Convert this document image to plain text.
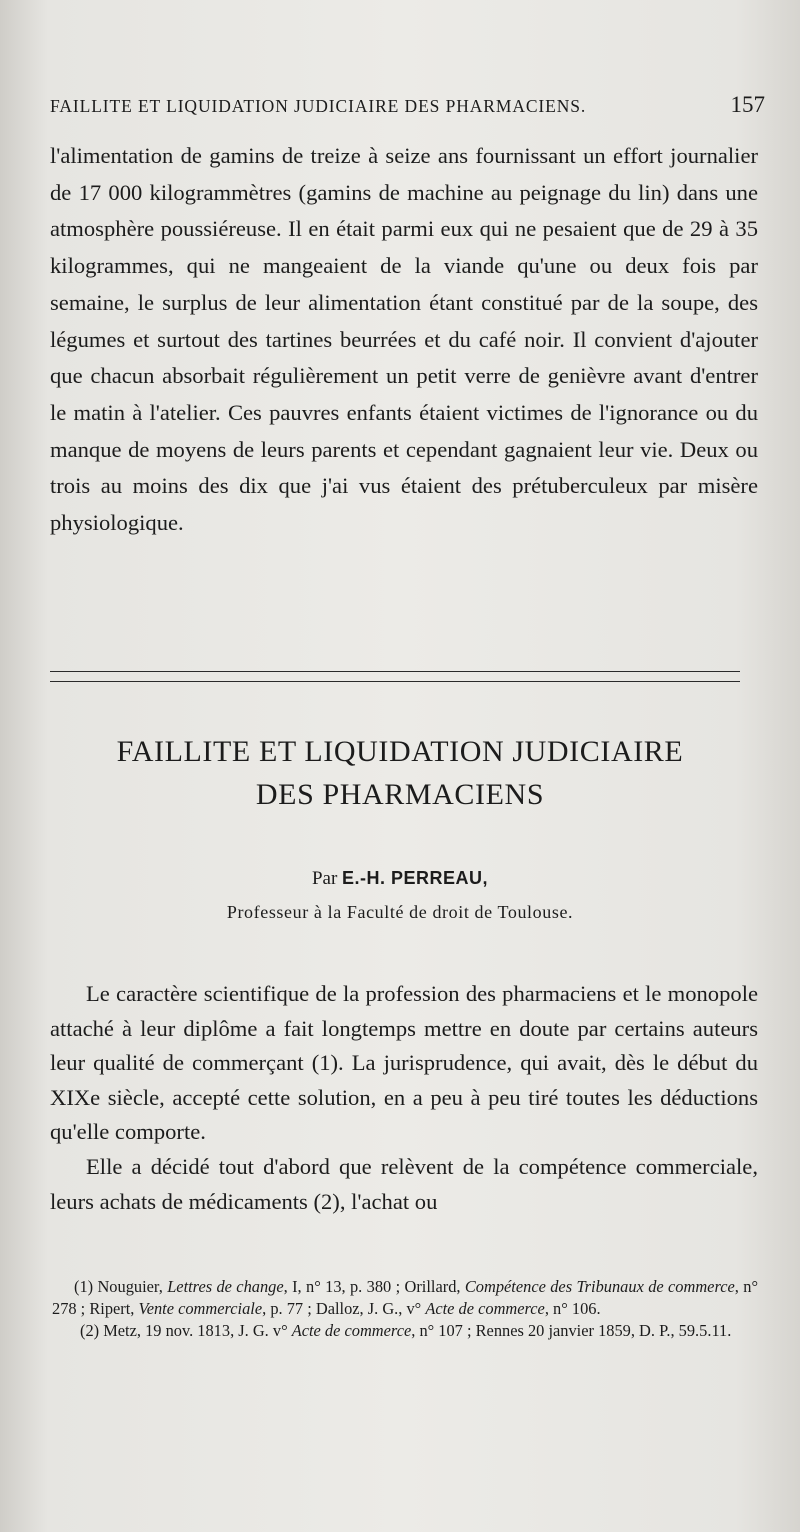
FAILLITE ET LIQUIDATION JUDICIAIRE DES PHARMACIENS.	157

l'alimentation de gamins de treize à seize ans fournissant un effort journalier de 17 000 kilogrammètres (gamins de machine au peignage du lin) dans une atmosphère poussiéreuse. Il en était parmi eux qui ne pesaient que de 29 à 35 kilogrammes, qui ne mangeaient de la viande qu'une ou deux fois par semaine, le surplus de leur alimentation étant constitué par de la soupe, des légumes et surtout des tartines beurrées et du café noir. Il convient d'ajouter que chacun absorbait régulièrement un petit verre de genièvre avant d'entrer le matin à l'atelier. Ces pauvres enfants étaient victimes de l'ignorance ou du manque de moyens de leurs parents et cependant gagnaient leur vie. Deux ou trois au moins des dix que j'ai vus étaient des prétuberculeux par misère physiologique.

FAILLITE ET LIQUIDATION JUDICIAIRE
DES PHARMACIENS
Par E.-H. PERREAU,
Professeur à la Faculté de droit de Toulouse.

Le caractère scientifique de la profession des pharmaciens et le monopole attaché à leur diplôme a fait longtemps mettre en doute par certains auteurs leur qualité de commerçant (1). La jurisprudence, qui avait, dès le début du XIXe siècle, accepté cette solution, en a peu à peu tiré toutes les déductions qu'elle comporte.

Elle a décidé tout d'abord que relèvent de la compétence commerciale, leurs achats de médicaments (2), l'achat ou

(1) Nouguier, Lettres de change, I, n° 13, p. 380 ; Orillard, Compétence des Tribunaux de commerce, n° 278 ; Ripert, Vente commerciale, p. 77 ; Dalloz, J. G., v° Acte de commerce, n° 106.

(2) Metz, 19 nov. 1813, J. G. v° Acte de commerce, n° 107 ; Rennes 20 janvier 1859, D. P., 59.5.11.
